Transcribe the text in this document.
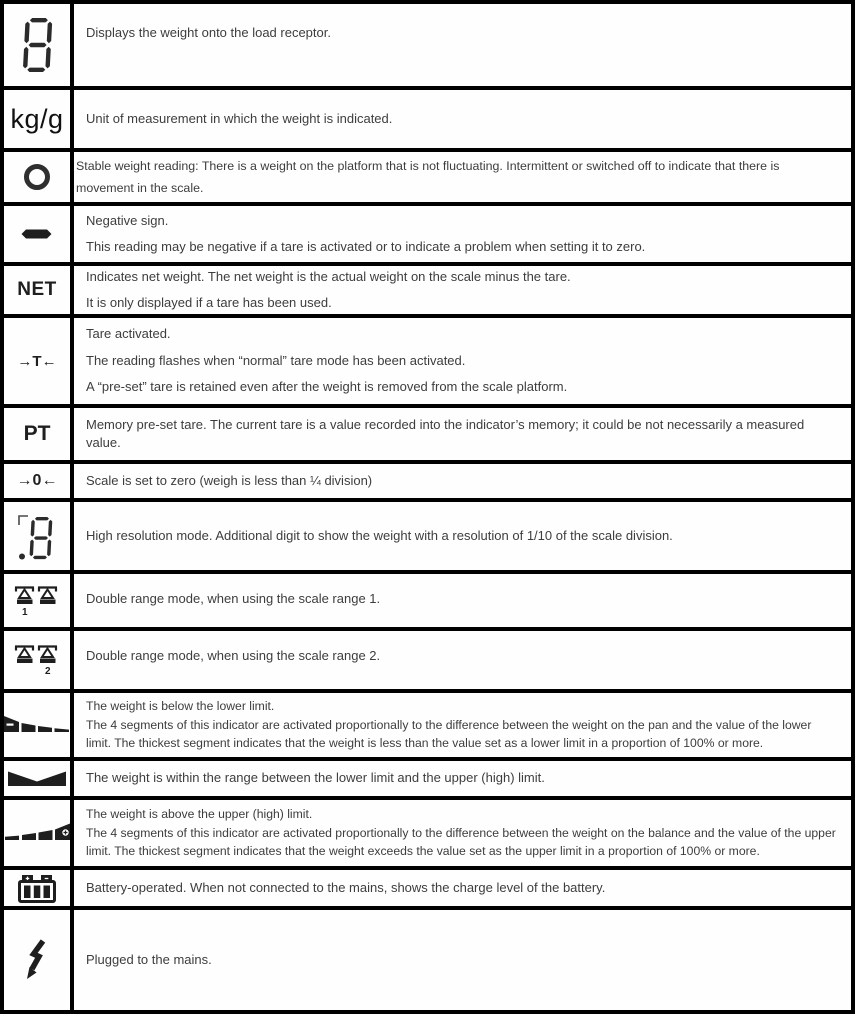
Displays the weight onto the load receptor.

kg/g Unit of measurement in which the weight is indicated.

Stable weight reading: There is a weight on the platform that is not fluctuating. Intermittent or switched off to indicate that there is movement in the scale.

Negative sign.

This reading may be negative if a tare is activated or to indicate a problem when setting it to zero.

NET

Indicates net weight. The net weight is the actual weight on the scale minus the tare.

It is only displayed if a tare has been used.

→T←

Tare activated.

The reading flashes when “normal” tare mode has been activated.

A “pre-set” tare is retained even after the weight is removed from the scale platform.

PT	Memory pre-set tare. The current tare is a value recorded into the indicator’s memory; it could be not necessarily a measured value.

→0← Scale is set to zero (weigh is less than ¼ division)

High resolution mode. Additional digit to show the weight with a resolution of 1/10 of the scale division.

1

Double range mode, when using the scale range 1.

2

Double range mode, when using the scale range 2.

The weight is below the lower limit.

The 4 segments of this indicator are activated proportionally to the difference between the weight on the pan and the value of the lower limit. The thickest segment indicates that the weight is less than the value set as a lower limit in a proportion of 100% or more.

The weight is within the range between the lower limit and the upper (high) limit.

The weight is above the upper (high) limit.

The 4 segments of this indicator are activated proportionally to the difference between the weight on the balance and the value of the upper limit. The thickest segment indicates that the weight exceeds the value set as the upper limit in a proportion of 100% or more.

Battery-operated. When not connected to the mains, shows the charge level of the battery.

Plugged to the mains.
